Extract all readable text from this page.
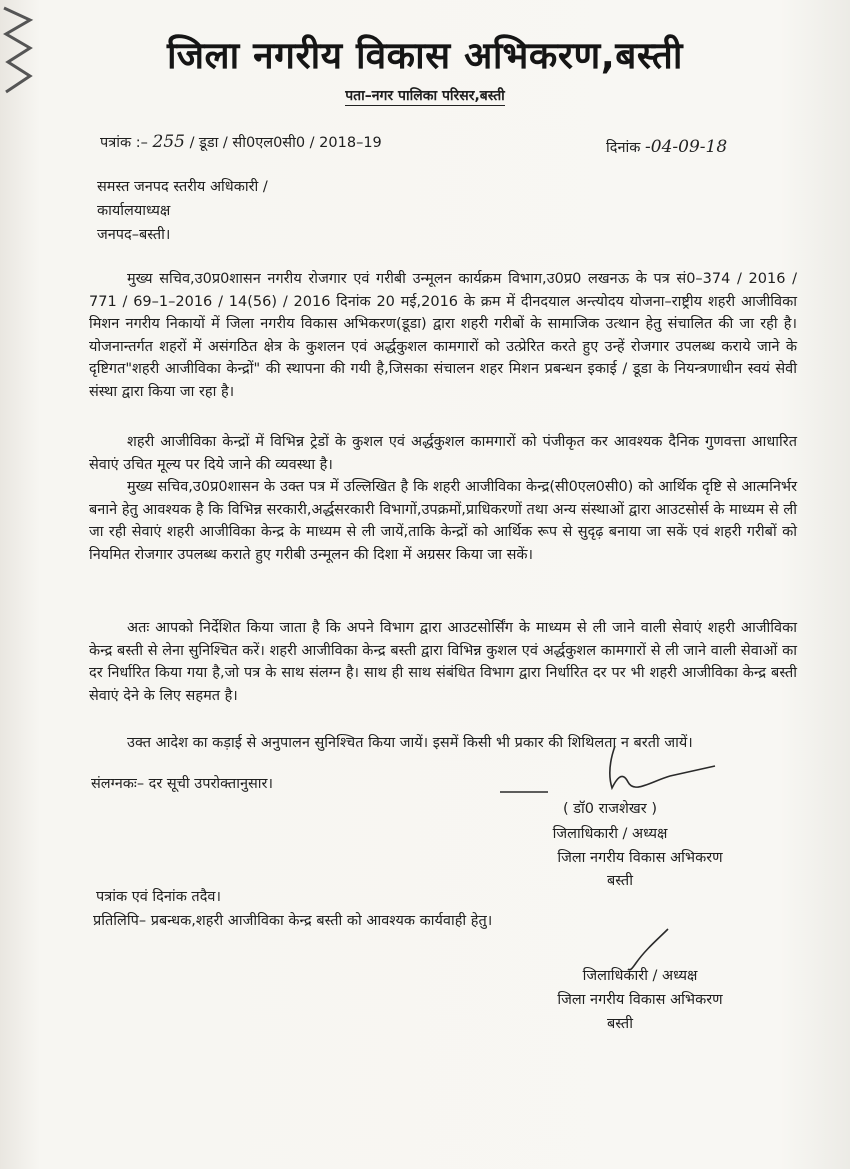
जिला नगरीय विकास अभिकरण,बस्ती
पता–नगर पालिका परिसर,बस्ती
पत्रांक :– 255 / डूडा / सी0एल0सी0 / 2018–19	दिनांक -04-09-18
समस्त जनपद स्तरीय अधिकारी /
कार्यालयाध्यक्ष
जनपद–बस्ती।
मुख्य सचिव,उ0प्र0शासन नगरीय रोजगार एवं गरीबी उन्मूलन कार्यक्रम विभाग,उ0प्र0 लखनऊ के पत्र सं0–374 / 2016 / 771 / 69–1–2016 / 14(56) / 2016 दिनांक 20 मई,2016 के क्रम में दीनदयाल अन्त्योदय योजना–राष्ट्रीय शहरी आजीविका मिशन नगरीय निकायों में जिला नगरीय विकास अभिकरण(डूडा) द्वारा शहरी गरीबों के सामाजिक उत्थान हेतु संचालित की जा रही है। योजनान्तर्गत शहरों में असंगठित क्षेत्र के कुशलन एवं अर्द्धकुशल कामगारों को उत्प्रेरित करते हुए उन्हें रोजगार उपलब्ध कराये जाने के दृष्टिगत"शहरी आजीविका केन्द्रों" की स्थापना की गयी है,जिसका संचालन शहर मिशन प्रबन्धन इकाई / डूडा के नियन्त्रणाधीन स्वयं सेवी संस्था द्वारा किया जा रहा है।
शहरी आजीविका केन्द्रों में विभिन्न ट्रेडों के कुशल एवं अर्द्धकुशल कामगारों को पंजीकृत कर आवश्यक दैनिक गुणवत्ता आधारित सेवाएं उचित मूल्य पर दिये जाने की व्यवस्था है।
मुख्य सचिव,उ0प्र0शासन के उक्त पत्र में उल्लिखित है कि शहरी आजीविका केन्द्र(सी0एल0सी0) को आर्थिक दृष्टि से आत्मनिर्भर बनाने हेतु आवश्यक है कि विभिन्न सरकारी,अर्द्धसरकारी विभागों,उपक्रमों,प्राधिकरणों तथा अन्य संस्थाओं द्वारा आउटसोर्स के माध्यम से ली जा रही सेवाएं शहरी आजीविका केन्द्र के माध्यम से ली जायें,ताकि केन्द्रों को आर्थिक रूप से सुदृढ़ बनाया जा सकें एवं शहरी गरीबों को नियमित रोजगार उपलब्ध कराते हुए गरीबी उन्मूलन की दिशा में अग्रसर किया जा सकें।
अतः आपको निर्देशित किया जाता है कि अपने विभाग द्वारा आउटसोर्सिंग के माध्यम से ली जाने वाली सेवाएं शहरी आजीविका केन्द्र बस्ती से लेना सुनिश्चित करें। शहरी आजीविका केन्द्र बस्ती द्वारा विभिन्न कुशल एवं अर्द्धकुशल कामगारों से ली जाने वाली सेवाओं का दर निर्धारित किया गया है,जो पत्र के साथ संलग्न है। साथ ही साथ संबंधित विभाग द्वारा निर्धारित दर पर भी शहरी आजीविका केन्द्र बस्ती सेवाएं देने के लिए सहमत है।
उक्त आदेश का कड़ाई से अनुपालन सुनिश्चित किया जायें। इसमें किसी भी प्रकार की शिथिलता न बरती जायें।
संलग्नकः– दर सूची उपरोक्तानुसार।
( डॉ0 राजशेखर )
जिलाधिकारी / अध्यक्ष
जिला नगरीय विकास अभिकरण
बस्ती
पत्रांक एवं दिनांक तदैव।
प्रतिलिपि– प्रबन्धक,शहरी आजीविका केन्द्र बस्ती को आवश्यक कार्यवाही हेतु।
जिलाधिकारी / अध्यक्ष
जिला नगरीय विकास अभिकरण
बस्ती
